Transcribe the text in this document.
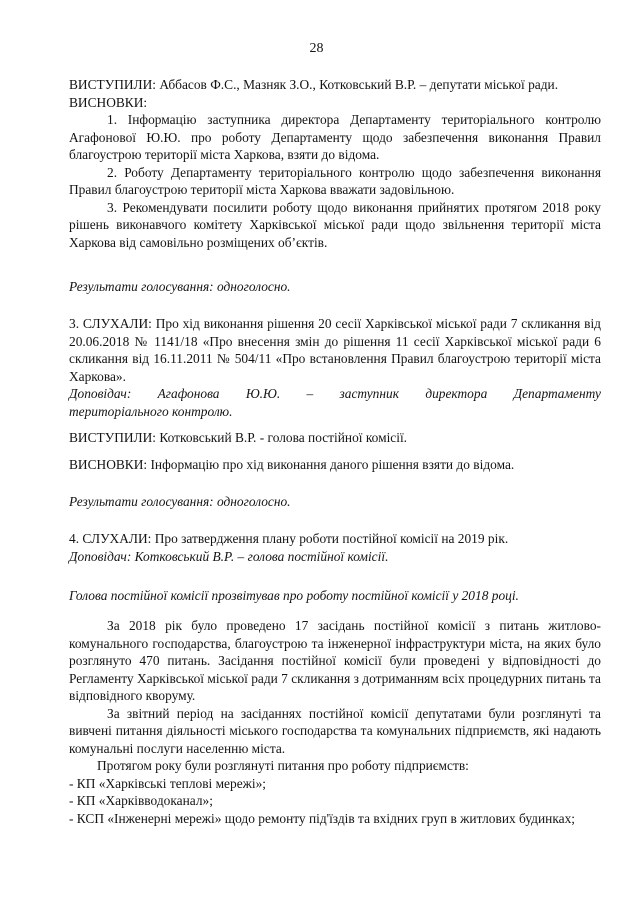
28

ВИСТУПИЛИ: Аббасов Ф.С., Мазняк З.О., Котковський В.Р. – депутати міської ради.

ВИСНОВКИ:

1. Інформацію заступника директора Департаменту територіального контролю Агафонової Ю.Ю. про роботу Департаменту щодо забезпечення виконання Правил благоустрою території міста Харкова, взяти до відома.

2. Роботу Департаменту територіального контролю щодо забезпечення виконання Правил благоустрою території міста Харкова вважати задовільною.

3. Рекомендувати посилити роботу щодо виконання прийнятих протягом 2018 року рішень виконавчого комітету Харківської міської ради щодо звільнення території міста Харкова від самовільно розміщених об’єктів.

Результати голосування: одноголосно.

3. СЛУХАЛИ: Про хід виконання рішення 20 сесії Харківської міської ради 7 скликання від 20.06.2018 № 1141/18 «Про внесення змін до рішення 11 сесії Харківської міської ради 6 скликання від 16.11.2011 № 504/11 «Про встановлення Правил благоустрою території міста Харкова».

Доповідач: Агафонова Ю.Ю. – заступник директора Департаменту

територіального контролю.

ВИСТУПИЛИ: Котковський В.Р. - голова постійної комісії.
ВИСНОВКИ: Інформацію про хід виконання даного рішення взяти до відома.
Результати голосування: одноголосно.

4. СЛУХАЛИ: Про затвердження плану роботи постійної комісії на 2019 рік.

Доповідач: Котковський В.Р. – голова постійної комісії.

Голова постійної комісії прозвітував про роботу постійної комісії у 2018 році.

За 2018 рік було проведено 17 засідань постійної комісії з питань житлово-комунального господарства, благоустрою та інженерної інфраструктури міста, на яких було розглянуто 470 питань. Засідання постійної комісії були проведені у відповідності до Регламенту Харківської міської ради 7 скликання з дотриманням всіх процедурних питань та відповідного кворуму.

За звітний період на засіданнях постійної комісії депутатами були розглянуті та вивчені питання діяльності міського господарства та комунальних підприємств, які надають комунальні послуги населенню міста.

Протягом року були розглянуті питання про роботу підприємств:

- КП «Харківські теплові мережі»;

- КП «Харківводоканал»;

- КСП «Інженерні мережі» щодо ремонту під'їздів та вхідних груп в житлових будинках;
